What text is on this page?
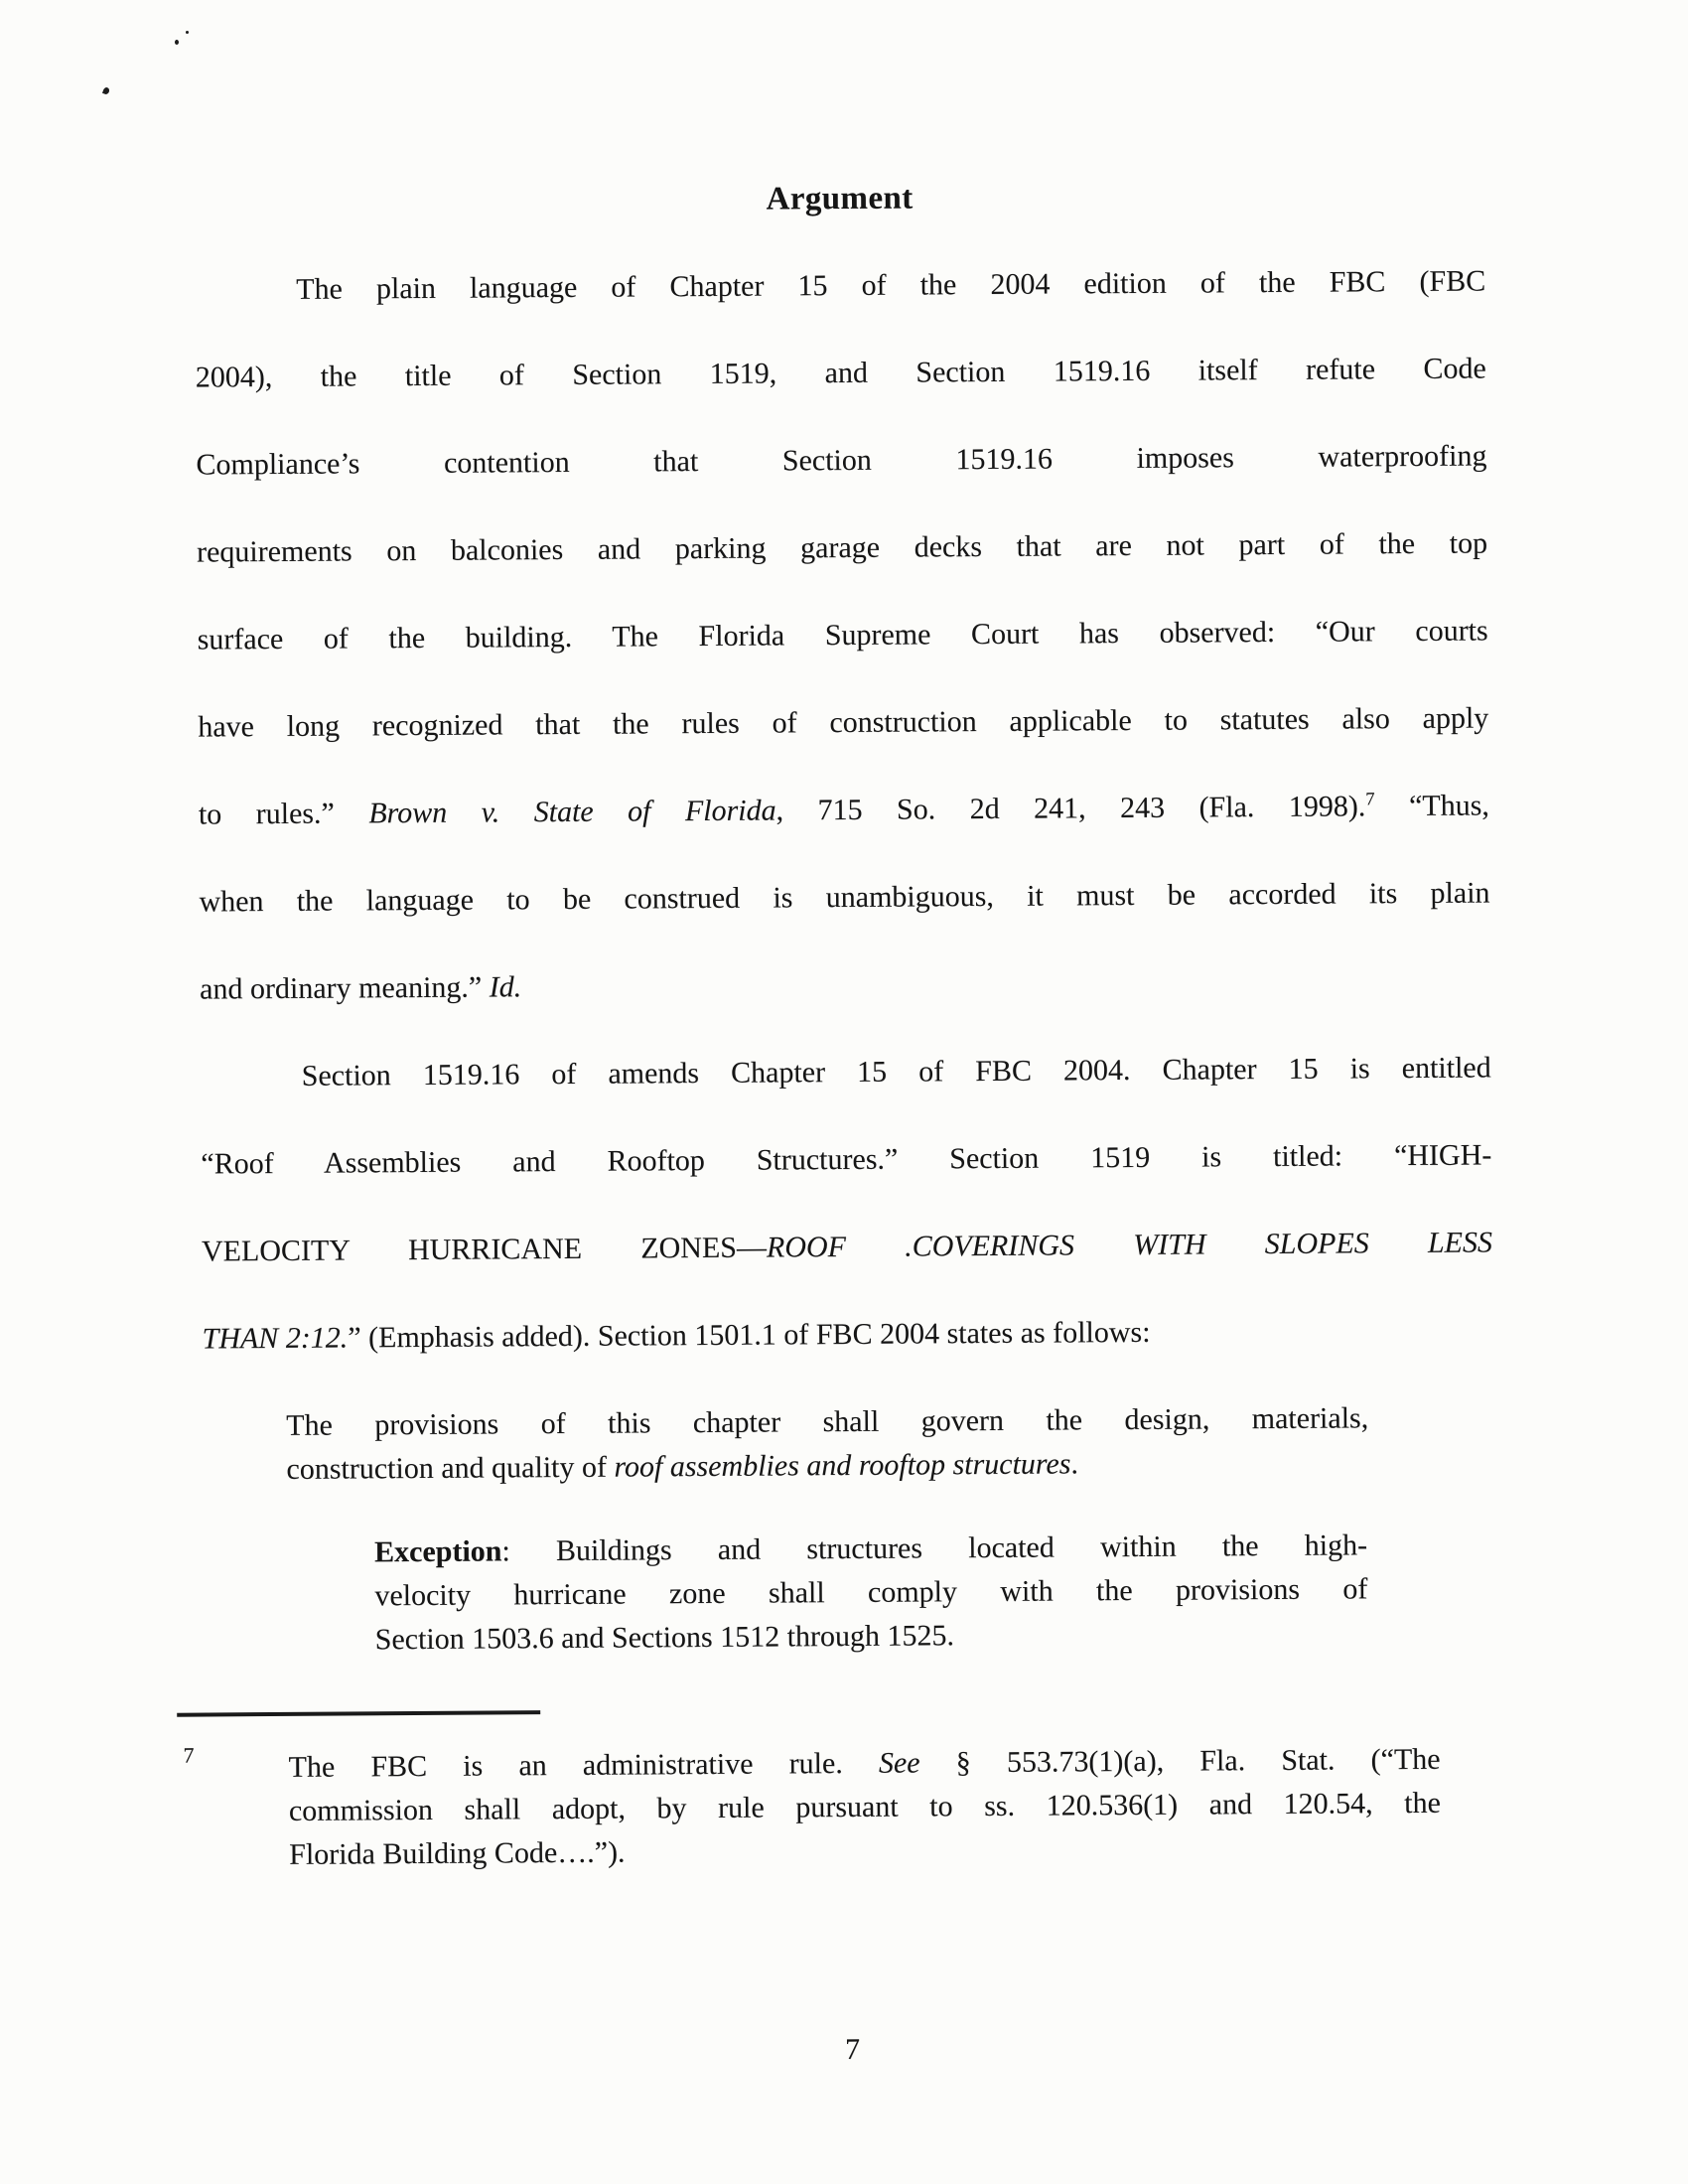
Argument
The plain language of Chapter 15 of the 2004 edition of the FBC (FBC
2004), the title of Section 1519, and Section 1519.16 itself refute Code
Compliance’s contention that Section 1519.16 imposes waterproofing
requirements on balconies and parking garage decks that are not part of the top
surface of the building. The Florida Supreme Court has observed: “Our courts
have long recognized that the rules of construction applicable to statutes also apply
to rules.” Brown v. State of Florida, 715 So. 2d 241, 243 (Fla. 1998).$^7$ “Thus,
when the language to be construed is unambiguous, it must be accorded its plain
and ordinary meaning.” Id.
Section 1519.16 of amends Chapter 15 of FBC 2004. Chapter 15 is entitled
“Roof Assemblies and Rooftop Structures.” Section 1519 is titled: “HIGH-
VELOCITY HURRICANE ZONES—ROOF .COVERINGS WITH SLOPES LESS
THAN 2:12.” (Emphasis added). Section 1501.1 of FBC 2004 states as follows:
The provisions of this chapter shall govern the design, materials,
construction and quality of roof assemblies and rooftop structures.
Exception: Buildings and structures located within the high-
velocity hurricane zone shall comply with the provisions of
Section 1503.6 and Sections 1512 through 1525.
7	The FBC is an administrative rule. See § 553.73(1)(a), Fla. Stat. (“The
commission shall adopt, by rule pursuant to ss. 120.536(1) and 120.54, the
Florida Building Code….”).
7
